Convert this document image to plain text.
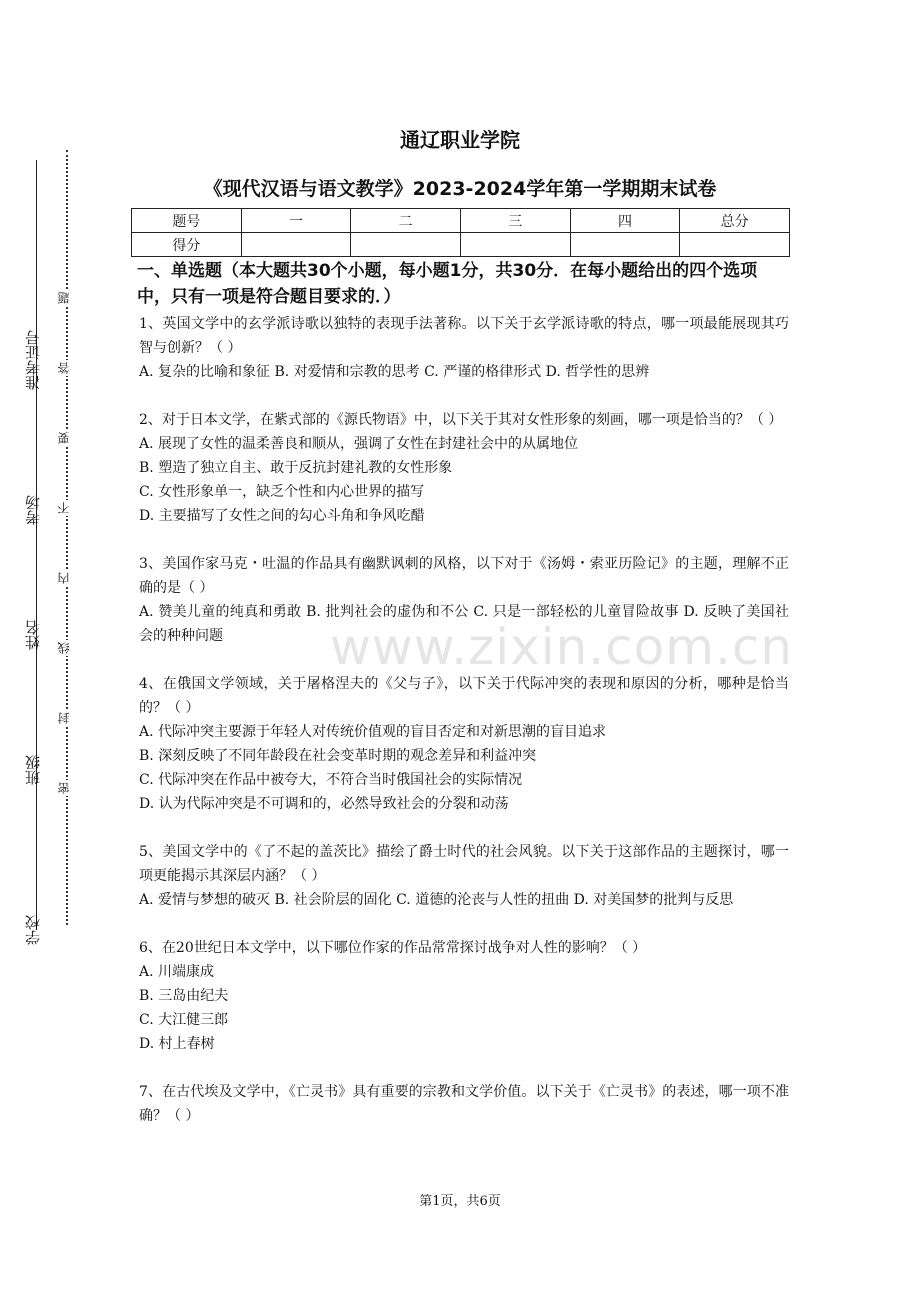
准考证号
考场
姓名
班级
学校
题
答
要
不
内
线
封
密
通辽职业学院
《现代汉语与语文教学》2023-2024学年第一学期期末试卷
题号	一	二	三	四	总分
得分					
一、单选题（本大题共30个小题，每小题1分，共30分．在每小题给出的四个选项中，只有一项是符合题目要求的．）
1、英国文学中的玄学派诗歌以独特的表现手法著称。以下关于玄学派诗歌的特点，哪一项最能展现其巧智与创新？（ ）
A. 复杂的比喻和象征 B. 对爱情和宗教的思考 C. 严谨的格律形式 D. 哲学性的思辨
2、对于日本文学，在紫式部的《源氏物语》中，以下关于其对女性形象的刻画，哪一项是恰当的？（ ）
A. 展现了女性的温柔善良和顺从，强调了女性在封建社会中的从属地位
B. 塑造了独立自主、敢于反抗封建礼教的女性形象
C. 女性形象单一，缺乏个性和内心世界的描写
D. 主要描写了女性之间的勾心斗角和争风吃醋
3、美国作家马克・吐温的作品具有幽默讽刺的风格，以下对于《汤姆・索亚历险记》的主题，理解不正确的是（ ）
A. 赞美儿童的纯真和勇敢 B. 批判社会的虚伪和不公 C. 只是一部轻松的儿童冒险故事 D. 反映了美国社会的种种问题
4、在俄国文学领域，关于屠格涅夫的《父与子》，以下关于代际冲突的表现和原因的分析，哪种是恰当的？（ ）
A. 代际冲突主要源于年轻人对传统价值观的盲目否定和对新思潮的盲目追求
B. 深刻反映了不同年龄段在社会变革时期的观念差异和利益冲突
C. 代际冲突在作品中被夸大，不符合当时俄国社会的实际情况
D. 认为代际冲突是不可调和的，必然导致社会的分裂和动荡
5、美国文学中的《了不起的盖茨比》描绘了爵士时代的社会风貌。以下关于这部作品的主题探讨，哪一项更能揭示其深层内涵？（ ）
A. 爱情与梦想的破灭 B. 社会阶层的固化 C. 道德的沦丧与人性的扭曲 D. 对美国梦的批判与反思
6、在20世纪日本文学中，以下哪位作家的作品常常探讨战争对人性的影响？（ ）
A. 川端康成
B. 三岛由纪夫
C. 大江健三郎
D. 村上春树
7、在古代埃及文学中，《亡灵书》具有重要的宗教和文学价值。以下关于《亡灵书》的表述，哪一项不准确？（ ）
www.zixin.com.cn
第1页，共6页
